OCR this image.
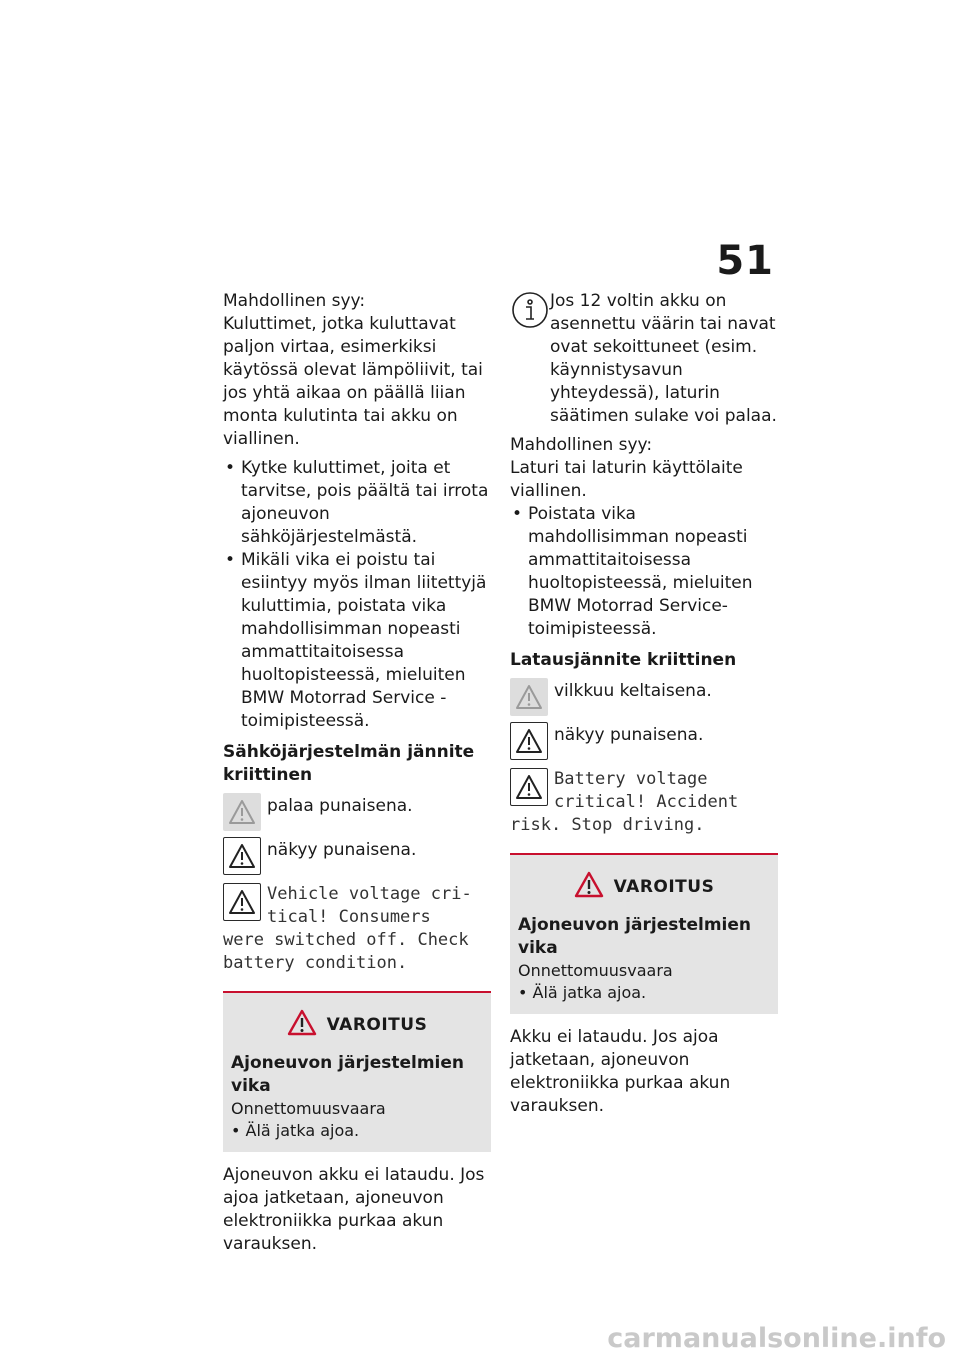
51

Mahdollinen syy:

Kuluttimet, jotka kuluttavat paljon virtaa, esimerkiksi käytössä olevat lämpöliivit, tai jos yhtä aikaa on päällä liian monta kulutinta tai akku on viallinen.

• Kytke kuluttimet, joita et tarvitse, pois päältä tai irrota ajoneuvon sähköjärjestelmästä.
• Mikäli vika ei poistu tai esiintyy myös ilman liitettyjä kuluttimia, poistata vika mahdollisimman nopeasti ammattitaitoisessa huoltopisteessä, mieluiten BMW Motorrad Service -toimipisteessä.
Sähköjärjestelmän jännite kriittinen
palaa punaisena.
näkyy punaisena.
Vehicle voltage cri-
tical! Consumers
were switched off. Check
battery condition.
VAROITUS
Ajoneuvon järjestelmien vika

Onnettomuusvaara

• Älä jatka ajoa.

Ajoneuvon akku ei lataudu. Jos ajoa jatketaan, ajoneuvon elektroniikka purkaa akun varauksen.

Jos 12 voltin akku on asennettu väärin tai navat ovat sekoittuneet (esim. käynnistysavun yhteydessä), laturin säätimen sulake voi palaa.

Mahdollinen syy:

Laturi tai laturin käyttölaite viallinen.

• Poistata vika mahdollisimman nopeasti ammattitaitoisessa huoltopisteessä, mieluiten BMW Motorrad Service-toimipisteessä.
Latausjännite kriittinen
vilkkuu keltaisena.
näkyy punaisena.
Battery voltage
critical! Accident
risk. Stop driving.
VAROITUS
Ajoneuvon järjestelmien vika

Onnettomuusvaara

• Älä jatka ajoa.

Akku ei lataudu. Jos ajoa jatketaan, ajoneuvon elektroniikka purkaa akun varauksen.

carmanualsonline.info
